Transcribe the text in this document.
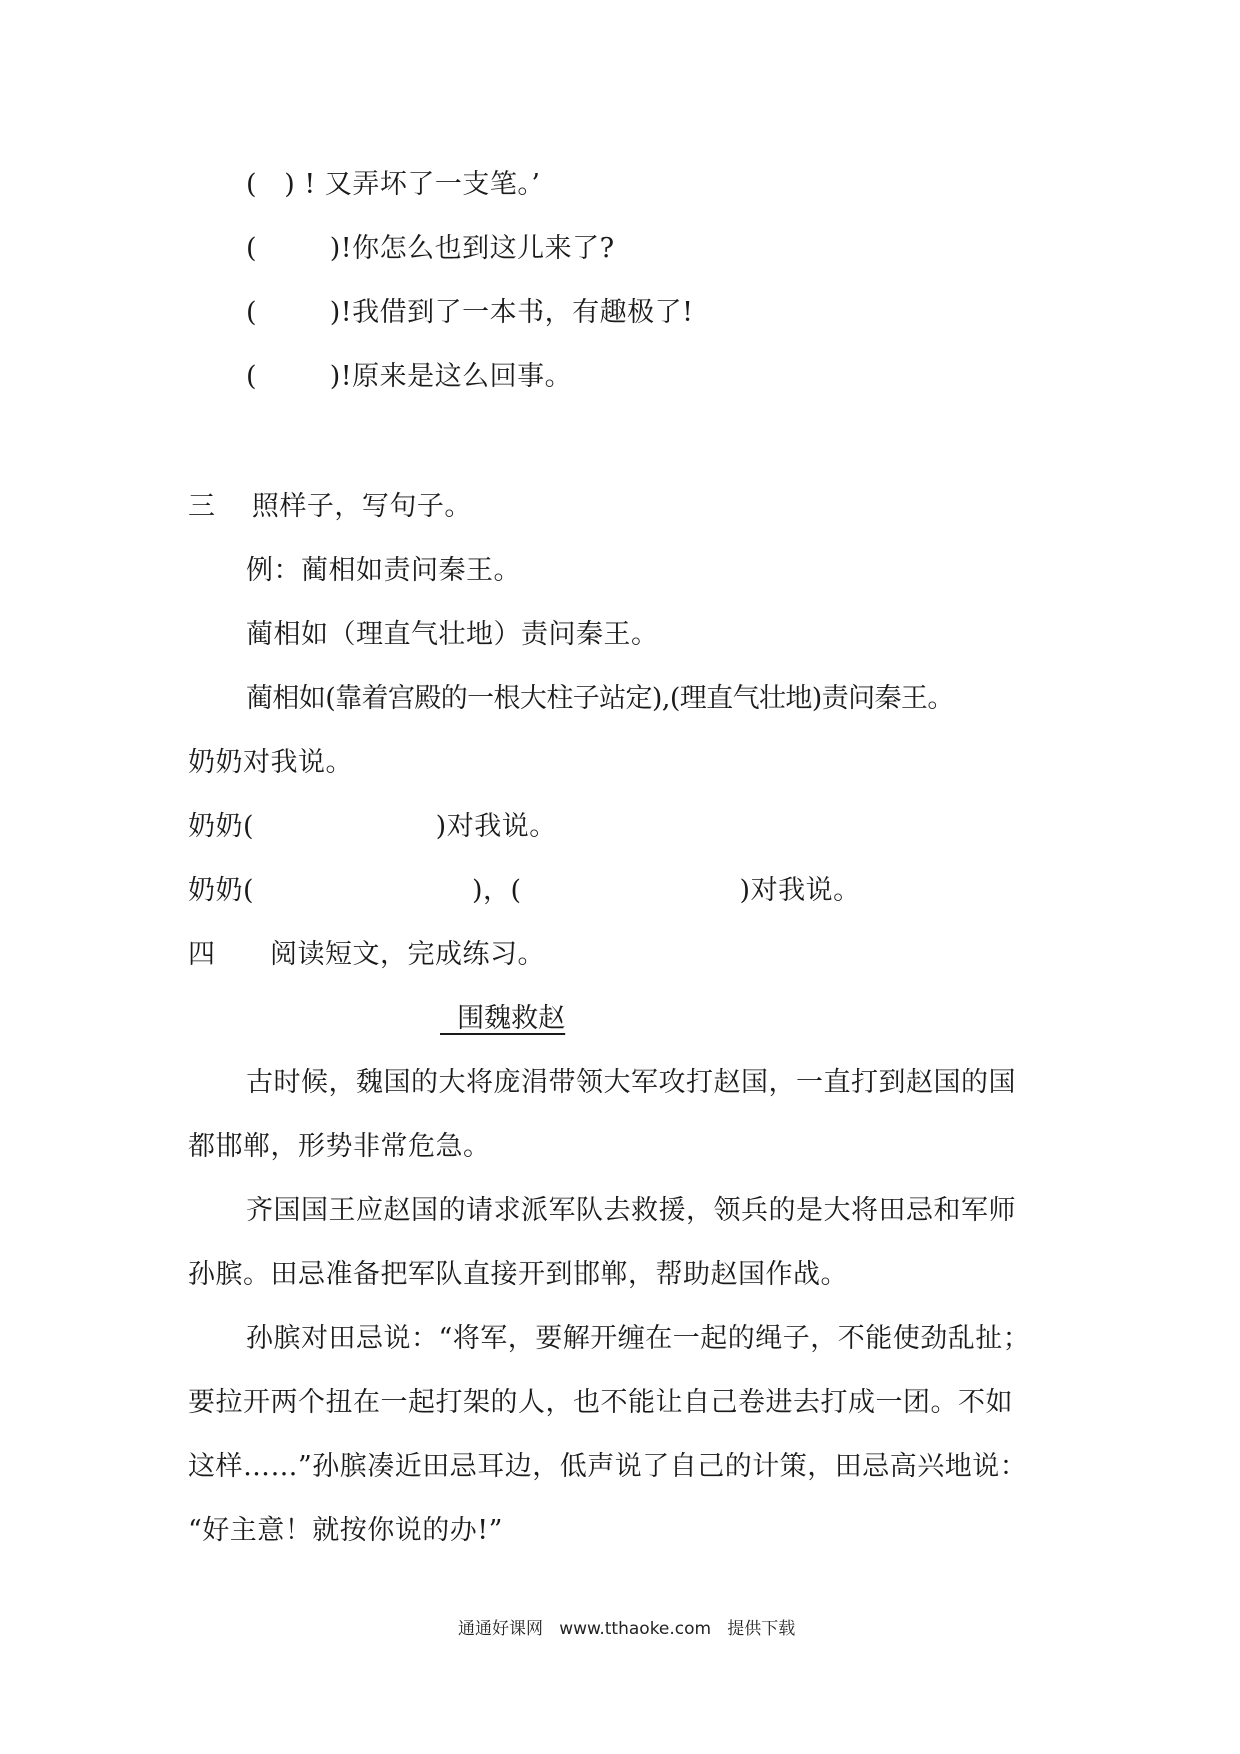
(   ) ! 又弄坏了一支笔。’
(        )!你怎么也到这儿来了?
(        )!我借到了一本书，有趣极了!
(        )!原来是这么回事。
三    照样子，写句子。
例：蔺相如责问秦王。
蔺相如（理直气壮地）责问秦王。
蔺相如(靠着宫殿的一根大柱子站定),(理直气壮地)责问秦王。
奶奶对我说。
奶奶(                    )对我说。
奶奶(                        )，(                        )对我说。
四      阅读短文，完成练习。
围魏救赵
古时候，魏国的大将庞涓带领大军攻打赵国，一直打到赵国的国
都邯郸，形势非常危急。
齐国国王应赵国的请求派军队去救援，领兵的是大将田忌和军师
孙膑。田忌准备把军队直接开到邯郸，帮助赵国作战。
孙膑对田忌说：“将军，要解开缠在一起的绳子，不能使劲乱扯；
要拉开两个扭在一起打架的人，也不能让自己卷进去打成一团。不如
这样……”孙膑凑近田忌耳边，低声说了自己的计策，田忌高兴地说：
“好主意！就按你说的办!”
通通好课网   www.tthaoke.com   提供下载
